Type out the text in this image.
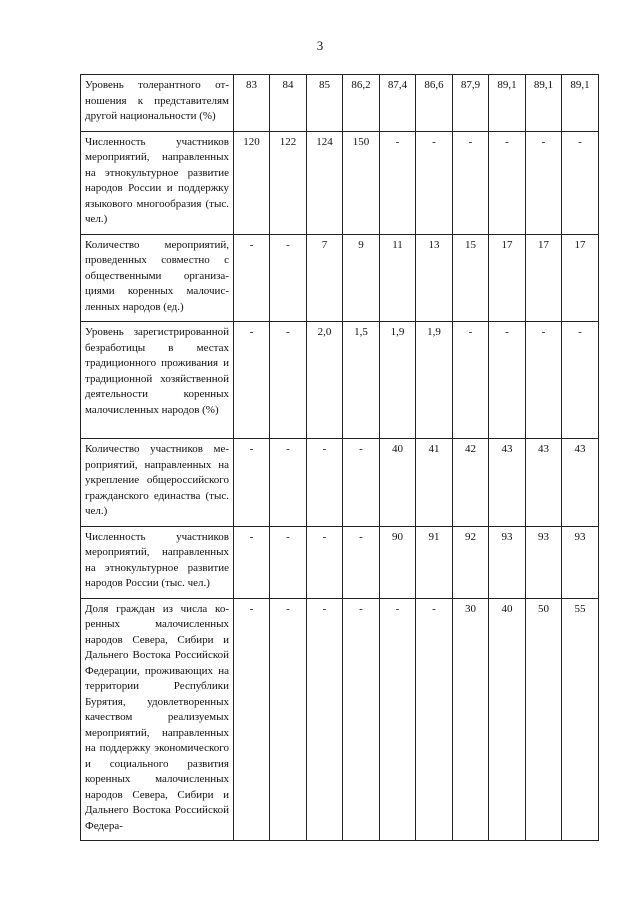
3
Уровень толерантного отношения к представителям другой национальности (%)	83	84	85	86,2	87,4	86,6	87,9	89,1	89,1	89,1
Численность участников мероприятий, направленных на этнокультурное развитие народов России и поддержку языкового многообразия (тыс. чел.)	120	122	124	150	-	-	-	-	-	-
Количество мероприятий, проведенных совместно с общественными организациями коренных малочисленных народов (ед.)	-	-	7	9	11	13	15	17	17	17
Уровень зарегистрированной безработицы в местах традиционного проживания и традиционной хозяйственной деятельности коренных малочисленных народов (%)	-	-	2,0	1,5	1,9	1,9	-	-	-	-
Количество участников мероприятий, направленных на укрепление общероссийского гражданского единаства (тыс. чел.)	-	-	-	-	40	41	42	43	43	43
Численность участников мероприятий, направленных на этнокультурное развитие народов России (тыс. чел.)	-	-	-	-	90	91	92	93	93	93
Доля граждан из числа коренных малочисленных народов Севера, Сибири и Дальнего Востока Российской Федерации, проживающих на территории Республики Бурятия, удовлетворенных качеством реализуемых мероприятий, направленных на поддержку экономического и социального развития коренных малочисленных народов Севера, Сибири и Дальнего Востока Российской Федера-	-	-	-	-	-	-	30	40	50	55
